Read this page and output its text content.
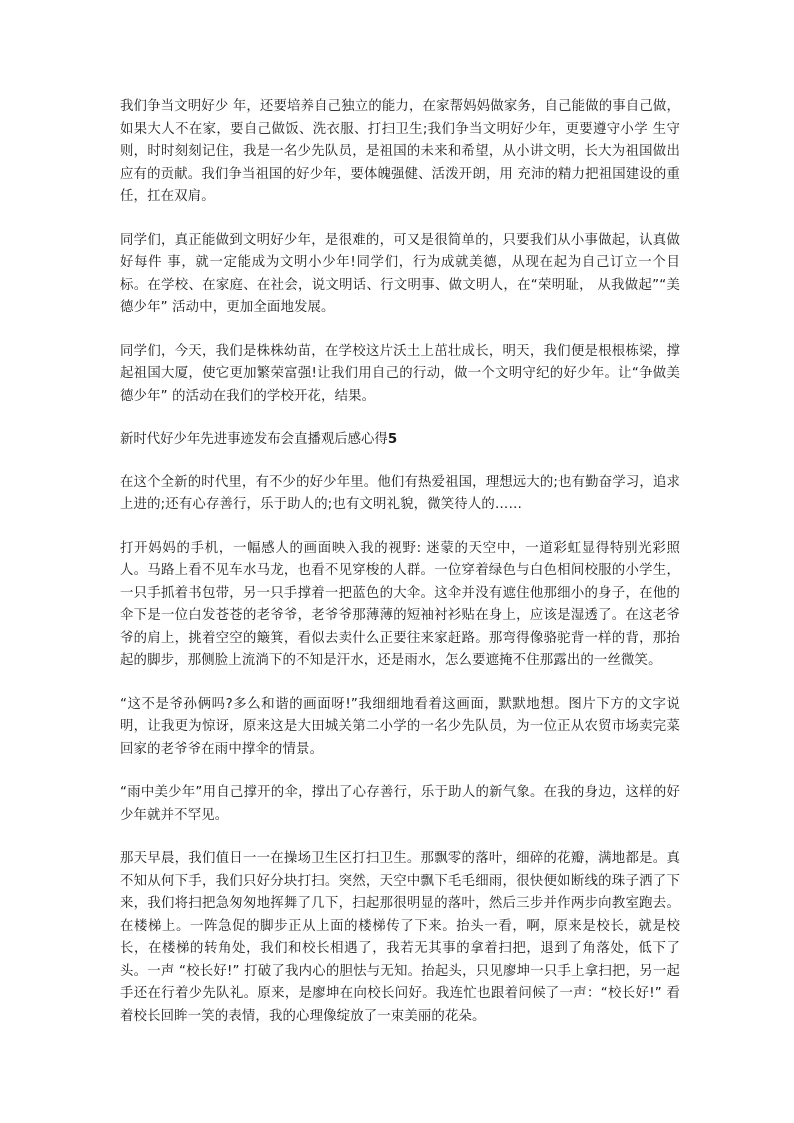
我们争当文明好少 年，还要培养自己独立的能力，在家帮妈妈做家务，自己能做的事自己做，如果大人不在家，要自己做饭、洗衣服、打扫卫生;我们争当文明好少年，更要遵守小学 生守则，时时刻刻记住，我是一名少先队员，是祖国的未来和希望，从小讲文明，长大为祖国做出应有的贡献。我们争当祖国的好少年，要体魄强健、活泼开朗，用 充沛的精力把祖国建设的重任，扛在双肩。

同学们，真正能做到文明好少年，是很难的，可又是很简单的，只要我们从小事做起，认真做好每件 事，就一定能成为文明小少年!同学们，行为成就美德，从现在起为自己订立一个目标。在学校、在家庭、在社会，说文明话、行文明事、做文明人，在“荣明耻， 从我做起”“美德少年” 活动中，更加全面地发展。

同学们，今天，我们是株株幼苗，在学校这片沃土上茁壮成长，明天，我们便是根根栋梁，撑起祖国大厦，使它更加繁荣富强!让我们用自己的行动，做一个文明守纪的好少年。让“争做美德少年” 的活动在我们的学校开花，结果。

新时代好少年先进事迹发布会直播观后感心得5

在这个全新的时代里，有不少的好少年里。他们有热爱祖国，理想远大的;也有勤奋学习，追求上进的;还有心存善行，乐于助人的;也有文明礼貌，微笑待人的……

打开妈妈的手机，一幅感人的画面映入我的视野: 迷蒙的天空中，一道彩虹显得特别光彩照人。马路上看不见车水马龙，也看不见穿梭的人群。一位穿着绿色与白色相间校服的小学生，一只手抓着书包带，另一只手撑着一把蓝色的大伞。这伞并没有遮住他那细小的身子，在他的伞下是一位白发苍苍的老爷爷，老爷爷那薄薄的短袖衬衫贴在身上，应该是湿透了。在这老爷爷的肩上，挑着空空的簸箕，看似去卖什么正要往来家赶路。那弯得像骆驼背一样的背，那抬起的脚步，那侧脸上流淌下的不知是汗水，还是雨水，怎么要遮掩不住那露出的一丝微笑。

“这不是爷孙俩吗?多么和谐的画面呀!”我细细地看着这画面，默默地想。图片下方的文字说明，让我更为惊讶，原来这是大田城关第二小学的一名少先队员，为一位正从农贸市场卖完菜回家的老爷爷在雨中撑伞的情景。

“雨中美少年”用自己撑开的伞，撑出了心存善行，乐于助人的新气象。在我的身边，这样的好少年就并不罕见。

那天早晨，我们值日一一在操场卫生区打扫卫生。那飘零的落叶，细碎的花瓣，满地都是。真不知从何下手，我们只好分块打扫。突然，天空中飘下毛毛细雨，很快便如断线的珠子洒了下来，我们将扫把急匆匆地挥舞了几下，扫起那很明显的落叶，然后三步并作两步向教室跑去。在楼梯上。一阵急促的脚步正从上面的楼梯传了下来。抬头一看，啊，原来是校长，就是校长，在楼梯的转角处，我们和校长相遇了，我若无其事的拿着扫把，退到了角落处，低下了头。一声 “校长好!” 打破了我内心的胆怯与无知。抬起头，只见廖坤一只手上拿扫把，另一起手还在行着少先队礼。原来，是廖坤在向校长问好。我连忙也跟着问候了一声：“校长好!” 看着校长回眸一笑的表情，我的心理像绽放了一束美丽的花朵。
